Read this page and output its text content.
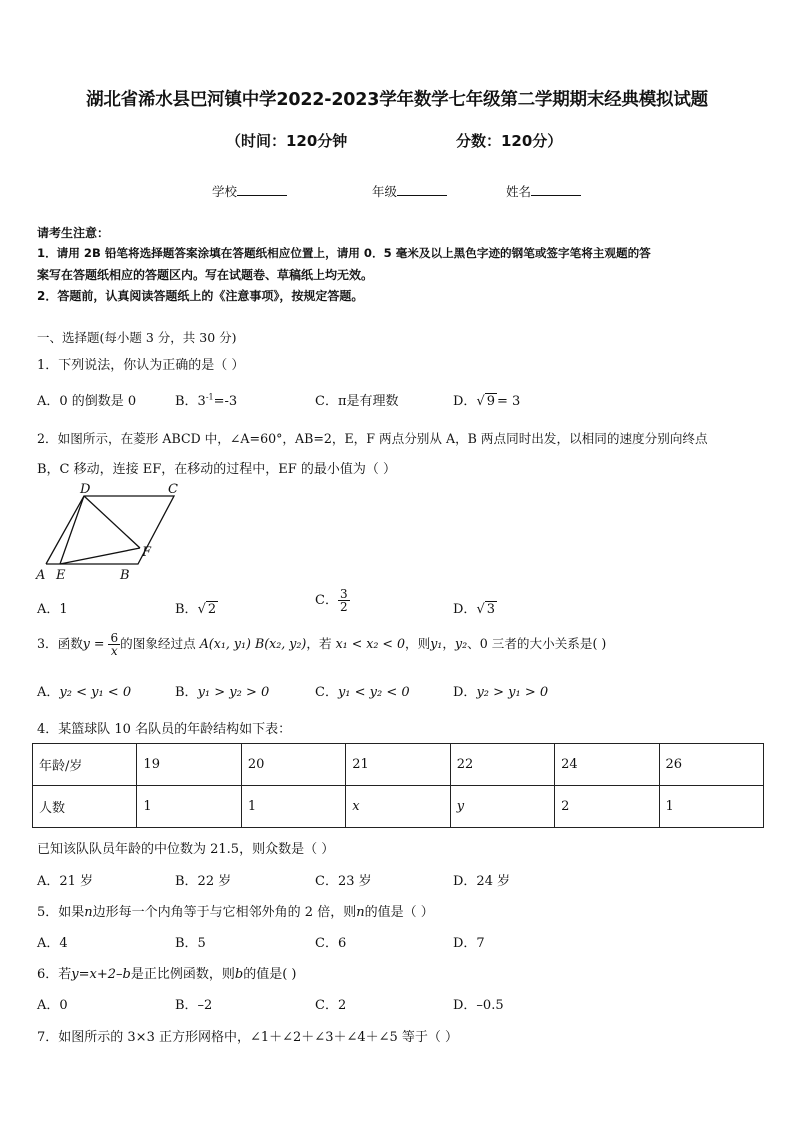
湖北省浠水县巴河镇中学2022-2023学年数学七年级第二学期期末经典模拟试题
（时间：120分钟	分数：120分）
学校	年级	姓名
请考生注意：
1．请用 2B 铅笔将选择题答案涂填在答题纸相应位置上，请用 0．5 毫米及以上黑色字迹的钢笔或签字笔将主观题的答
案写在答题纸相应的答题区内。写在试题卷、草稿纸上均无效。
2．答题前，认真阅读答题纸上的《注意事项》，按规定答题。
一、选择题(每小题 3 分，共 30 分)
1．下列说法，你认为正确的是（ ）
A．0 的倒数是 0	B．$3^{-1}=-3$	C．π是有理数	D．√ 9 = 3
2．如图所示，在菱形 ABCD 中，∠A=60°，AB=2，E，F 两点分别从 A，B 两点同时出发，以相同的速度分别向终点
B，C 移动，连接 EF，在移动的过程中，EF 的最小值为（ ）
D	C
F
A E	B
A．1	B．√ 2
C． $\frac{3}{2}$	D．√ 3
3．函数$y = \frac{6}{x}$ 的图象经过点 A(x₁, y₁) B(x₂, y₂)，若 x₁ < x₂ < 0，则y₁，y₂、0 三者的大小关系是( )
A．y₂ < y₁ < 0	B．y₁ > y₂ > 0	C．y₁ < y₂ < 0	D．y₂ > y₁ > 0
4．某篮球队 10 名队员的年龄结构如下表：
年龄/岁	19	20	21	22	24	26
人数	1	1	x	y	2	1
已知该队队员年龄的中位数为 21.5，则众数是（ ）
A．21 岁	B．22 岁	C．23 岁	D．24 岁
5．如果n边形每一个内角等于与它相邻外角的 2 倍，则n的值是（ ）
A．4	B．5	C．6	D．7
6．若y=x+2–b是正比例函数，则b的值是( )
A．0	B．–2	C．2	D．–0.5
7．如图所示的 3×3 正方形网格中，∠1＋∠2＋∠3＋∠4＋∠5 等于（ ）
